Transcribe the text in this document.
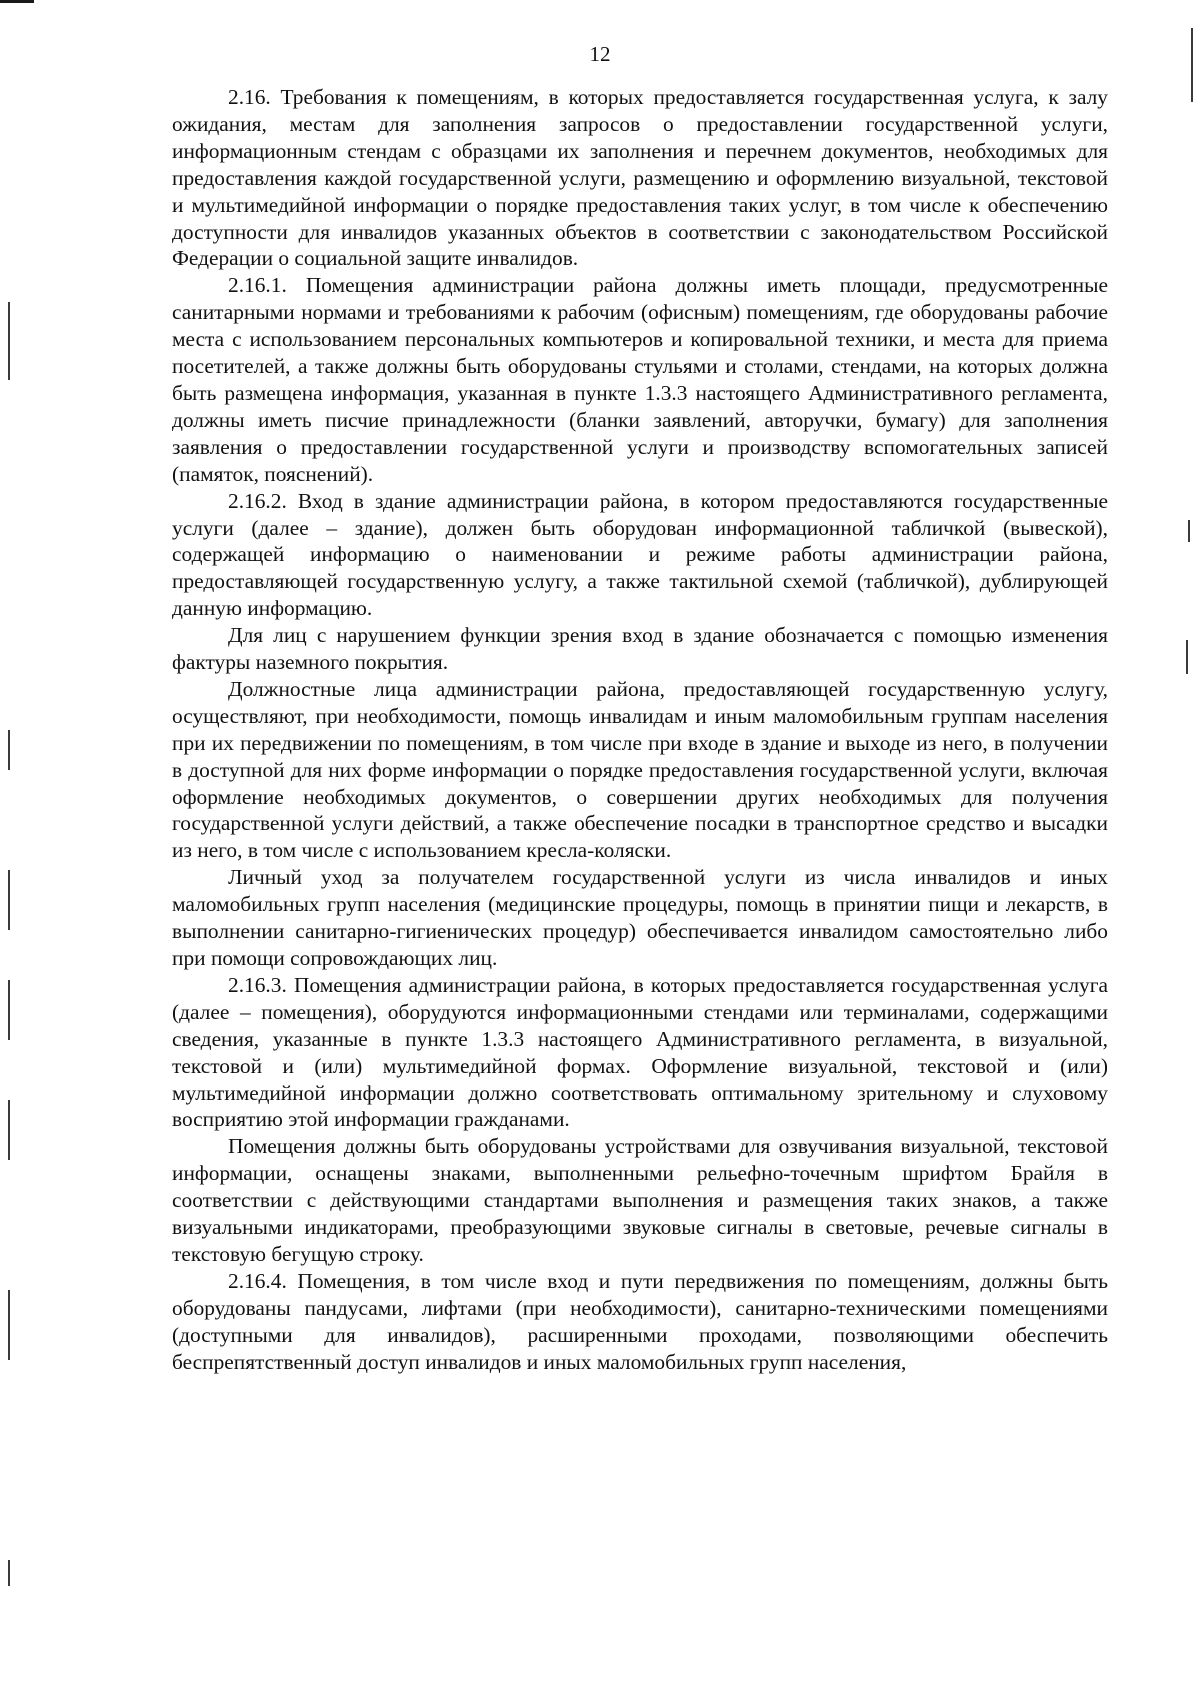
12

2.16. Требования к помещениям, в которых предоставляется государственная услуга, к залу ожидания, местам для заполнения запросов о предоставлении государственной услуги, информационным стендам с образцами их заполнения и перечнем документов, необходимых для предоставления каждой государственной услуги, размещению и оформлению визуальной, текстовой и мультимедийной информации о порядке предоставления таких услуг, в том числе к обеспечению доступности для инвалидов указанных объектов в соответствии с законодательством Российской Федерации о социальной защите инвалидов.

2.16.1. Помещения администрации района должны иметь площади, предусмотренные санитарными нормами и требованиями к рабочим (офисным) помещениям, где оборудованы рабочие места с использованием персональных компьютеров и копировальной техники, и места для приема посетителей, а также должны быть оборудованы стульями и столами, стендами, на которых должна быть размещена информация, указанная в пункте 1.3.3 настоящего Административного регламента, должны иметь писчие принадлежности (бланки заявлений, авторучки, бумагу) для заполнения заявления о предоставлении государственной услуги и производству вспомогательных записей (памяток, пояснений).

2.16.2. Вход в здание администрации района, в котором предоставляются государственные услуги (далее – здание), должен быть оборудован информационной табличкой (вывеской), содержащей информацию о наименовании и режиме работы администрации района, предоставляющей государственную услугу, а также тактильной схемой (табличкой), дублирующей данную информацию.

Для лиц с нарушением функции зрения вход в здание обозначается с помощью изменения фактуры наземного покрытия.

Должностные лица администрации района, предоставляющей государственную услугу, осуществляют, при необходимости, помощь инвалидам и иным маломобильным группам населения при их передвижении по помещениям, в том числе при входе в здание и выходе из него, в получении в доступной для них форме информации о порядке предоставления государственной услуги, включая оформление необходимых документов, о совершении других необходимых для получения государственной услуги действий, а также обеспечение посадки в транспортное средство и высадки из него, в том числе с использованием кресла-коляски.

Личный уход за получателем государственной услуги из числа инвалидов и иных маломобильных групп населения (медицинские процедуры, помощь в принятии пищи и лекарств, в выполнении санитарно-гигиенических процедур) обеспечивается инвалидом самостоятельно либо при помощи сопровождающих лиц.

2.16.3. Помещения администрации района, в которых предоставляется государственная услуга (далее – помещения), оборудуются информационными стендами или терминалами, содержащими сведения, указанные в пункте 1.3.3 настоящего Административного регламента, в визуальной, текстовой и (или) мультимедийной формах. Оформление визуальной, текстовой и (или) мультимедийной информации должно соответствовать оптимальному зрительному и слуховому восприятию этой информации гражданами.

Помещения должны быть оборудованы устройствами для озвучивания визуальной, текстовой информации, оснащены знаками, выполненными рельефно-точечным шрифтом Брайля в соответствии с действующими стандартами выполнения и размещения таких знаков, а также визуальными индикаторами, преобразующими звуковые сигналы в световые, речевые сигналы в текстовую бегущую строку.

2.16.4. Помещения, в том числе вход и пути передвижения по помещениям, должны быть оборудованы пандусами, лифтами (при необходимости), санитарно-техническими помещениями (доступными для инвалидов), расширенными проходами, позволяющими обеспечить беспрепятственный доступ инвалидов и иных маломобильных групп населения,
